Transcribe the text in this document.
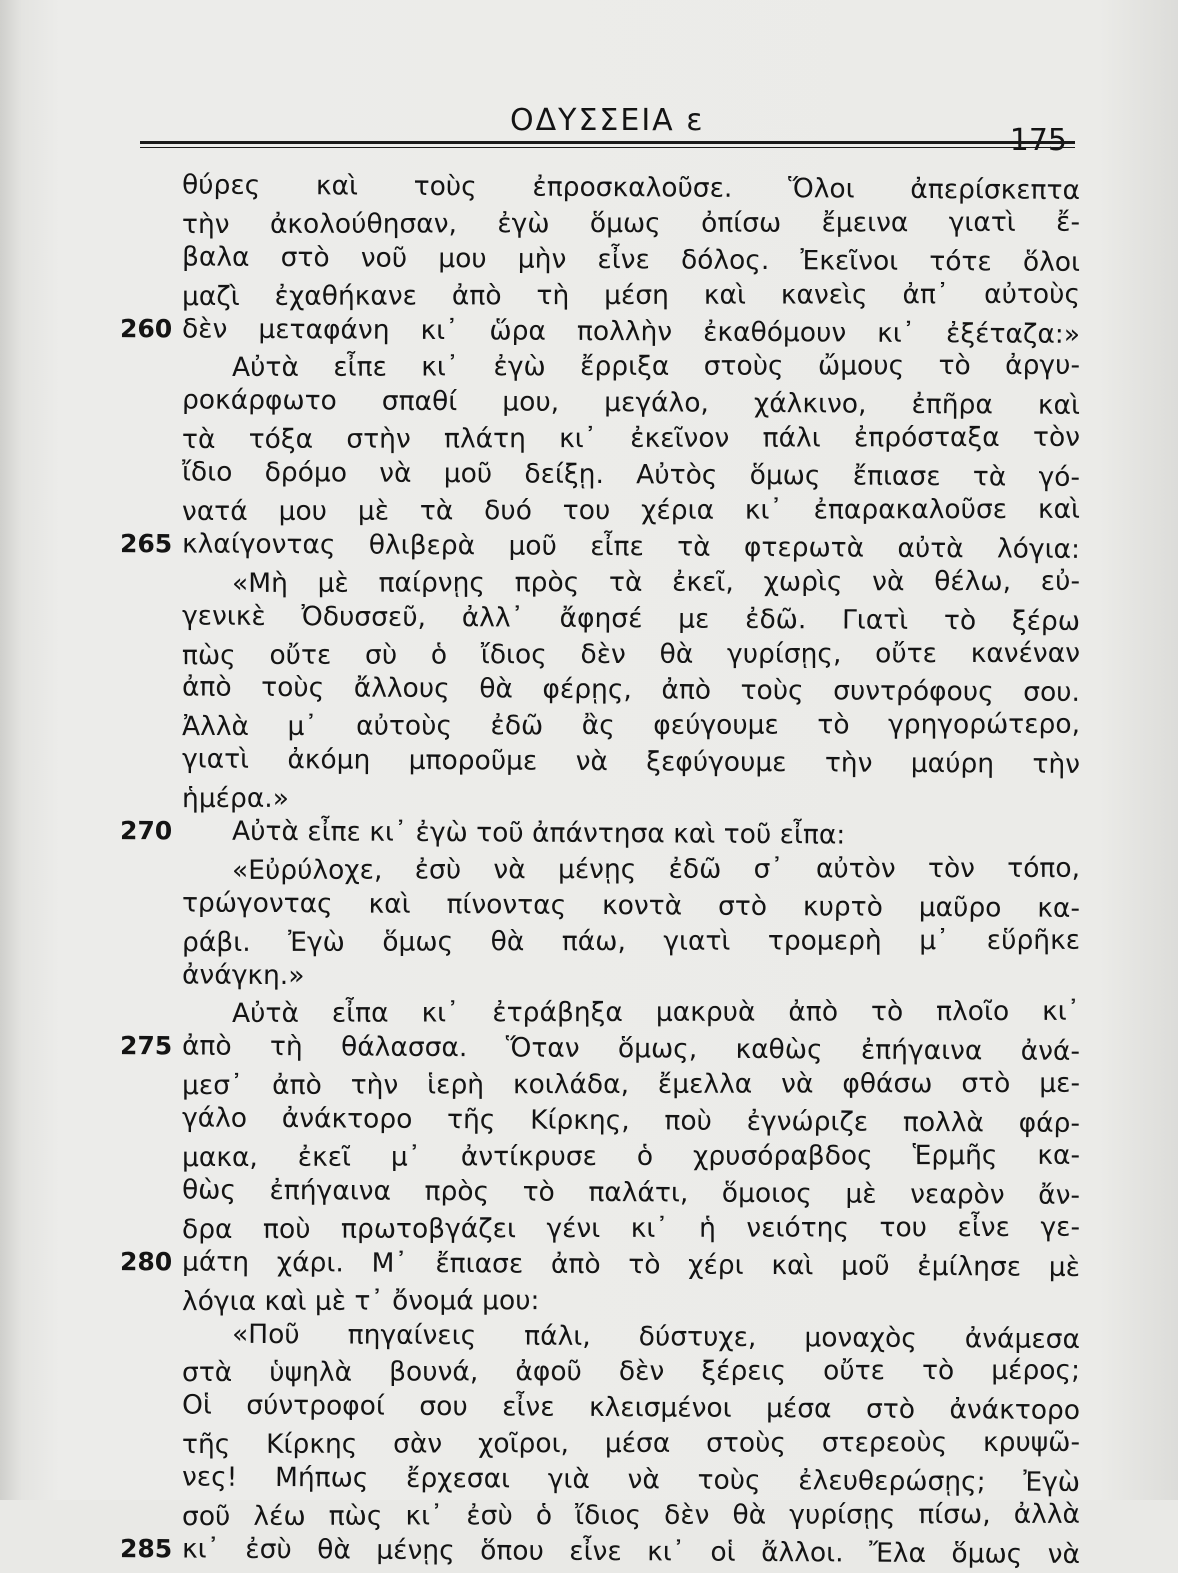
ΟΔΥΣΣΕΙΑ ε
175
θύρες καὶ τοὺς ἐπροσκαλοῦσε. Ὅλοι ἀπερίσκεπτα
τὴν ἀκολούθησαν, ἐγὼ ὅμως ὀπίσω ἔμεινα γιατὶ ἔ-
βαλα στὸ νοῦ μου μὴν εἶνε δόλος. Ἐκεῖνοι τότε ὅλοι
μαζὶ ἐχαθήκανε ἀπὸ τὴ μέση καὶ κανεὶς ἀπ᾿ αὐτοὺς
260 δὲν μεταφάνη κι᾿ ὥρα πολλὴν ἐκαθόμουν κι᾿ ἐξέταζα:»
Αὐτὰ εἶπε κι᾿ ἐγὼ ἔρριξα στοὺς ὤμους τὸ ἀργυ-
ροκάρφωτο σπαθί μου, μεγάλο, χάλκινο, ἐπῆρα καὶ
τὰ τόξα στὴν πλάτη κι᾿ ἐκεῖνον πάλι ἐπρόσταξα τὸν
ἴδιο δρόμο νὰ μοῦ δείξῃ. Αὐτὸς ὅμως ἔπιασε τὰ γό-
νατά μου μὲ τὰ δυό του χέρια κι᾿ ἐπαρακαλοῦσε καὶ
265 κλαίγοντας θλιβερὰ μοῦ εἶπε τὰ φτερωτὰ αὐτὰ λόγια:
«Μὴ μὲ παίρνῃς πρὸς τὰ ἐκεῖ, χωρὶς νὰ θέλω, εὐ-
γενικὲ Ὀδυσσεῦ, ἀλλ᾿ ἄφησέ με ἐδῶ. Γιατὶ τὸ ξέρω
πὼς οὔτε σὺ ὁ ἴδιος δὲν θὰ γυρίσῃς, οὔτε κανέναν
ἀπὸ τοὺς ἄλλους θὰ φέρῃς, ἀπὸ τοὺς συντρόφους σου.
Ἀλλὰ μ᾿ αὐτοὺς ἐδῶ ἂς φεύγουμε τὸ γρηγορώτερο,
γιατὶ ἀκόμη μποροῦμε νὰ ξεφύγουμε τὴν μαύρη τὴν
ἡμέρα.»
270	Αὐτὰ εἶπε κι᾿ ἐγὼ τοῦ ἀπάντησα καὶ τοῦ εἶπα:
«Εὐρύλοχε, ἐσὺ νὰ μένῃς ἐδῶ σ᾿ αὐτὸν τὸν τόπο,
τρώγοντας καὶ πίνοντας κοντὰ στὸ κυρτὸ μαῦρο κα-
ράβι. Ἐγὼ ὅμως θὰ πάω, γιατὶ τρομερὴ μ᾿ εὕρῆκε
ἀνάγκη.»
Αὐτὰ εἶπα κι᾿ ἐτράβηξα μακρυὰ ἀπὸ τὸ πλοῖο κι᾿
275 ἀπὸ τὴ θάλασσα. Ὅταν ὅμως, καθὼς ἐπήγαινα ἀνά-
μεσ᾿ ἀπὸ τὴν ἱερὴ κοιλάδα, ἔμελλα νὰ φθάσω στὸ με-
γάλο ἀνάκτορο τῆς Κίρκης, ποὺ ἐγνώριζε πολλὰ φάρ-
μακα, ἐκεῖ μ᾿ ἀντίκρυσε ὁ χρυσόραβδος Ἑρμῆς κα-
θὼς ἐπήγαινα πρὸς τὸ παλάτι, ὅμοιος μὲ νεαρὸν ἄν-
δρα ποὺ πρωτοβγάζει γένι κι᾿ ἡ νειότης του εἶνε γε-
280 μάτη χάρι. Μ᾿ ἔπιασε ἀπὸ τὸ χέρι καὶ μοῦ ἐμίλησε μὲ
λόγια καὶ μὲ τ᾿ ὄνομά μου:
«Ποῦ πηγαίνεις πάλι, δύστυχε, μοναχὸς ἀνάμεσα
στὰ ὑψηλὰ βουνά, ἀφοῦ δὲν ξέρεις οὔτε τὸ μέρος;
Οἱ σύντροφοί σου εἶνε κλεισμένοι μέσα στὸ ἀνάκτορο
τῆς Κίρκης σὰν χοῖροι, μέσα στοὺς στερεοὺς κρυψῶ-
νες! Μήπως ἔρχεσαι γιὰ νὰ τοὺς ἐλευθερώσῃς; Ἐγὼ
σοῦ λέω πὼς κι᾿ ἐσὺ ὁ ἴδιος δὲν θὰ γυρίσῃς πίσω, ἀλλὰ
285 κι᾿ ἐσὺ θὰ μένῃς ὅπου εἶνε κι᾿ οἱ ἄλλοι. Ἔλα ὅμως νὰ
